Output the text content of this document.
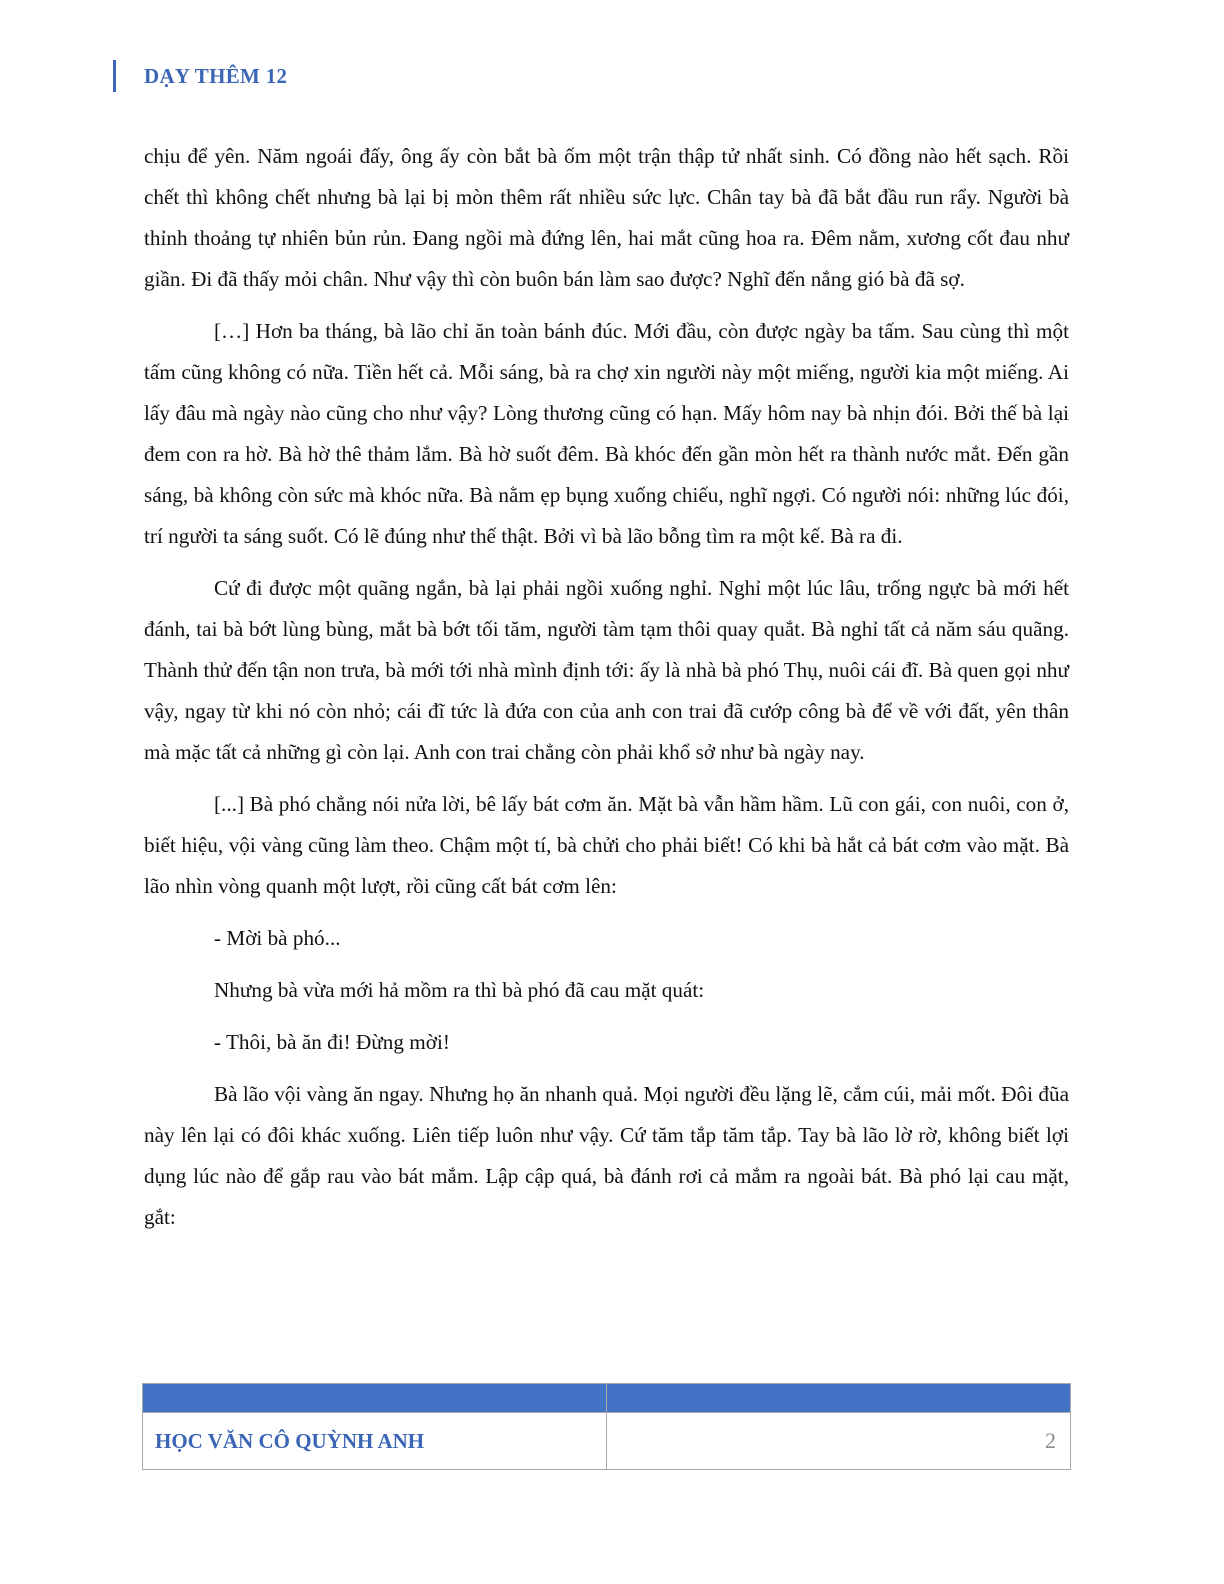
DẠY THÊM 12

chịu để yên. Năm ngoái đấy, ông ấy còn bắt bà ốm một trận thập tử nhất sinh. Có đồng nào hết sạch. Rồi chết thì không chết nhưng bà lại bị mòn thêm rất nhiều sức lực. Chân tay bà đã bắt đầu run rẩy. Người bà thỉnh thoảng tự nhiên bủn rủn. Đang ngồi mà đứng lên, hai mắt cũng hoa ra. Đêm nằm, xương cốt đau như giần. Đi đã thấy mỏi chân. Như vậy thì còn buôn bán làm sao được? Nghĩ đến nắng gió bà đã sợ.

[…] Hơn ba tháng, bà lão chỉ ăn toàn bánh đúc. Mới đầu, còn được ngày ba tấm. Sau cùng thì một tấm cũng không có nữa. Tiền hết cả. Mỗi sáng, bà ra chợ xin người này một miếng, người kia một miếng. Ai lấy đâu mà ngày nào cũng cho như vậy? Lòng thương cũng có hạn. Mấy hôm nay bà nhịn đói. Bởi thế bà lại đem con ra hờ. Bà hờ thê thảm lắm. Bà hờ suốt đêm. Bà khóc đến gần mòn hết ra thành nước mắt. Đến gần sáng, bà không còn sức mà khóc nữa. Bà nằm ẹp bụng xuống chiếu, nghĩ ngợi. Có người nói: những lúc đói, trí người ta sáng suốt. Có lẽ đúng như thế thật. Bởi vì bà lão bỗng tìm ra một kế. Bà ra đi.

Cứ đi được một quãng ngắn, bà lại phải ngồi xuống nghỉ. Nghỉ một lúc lâu, trống ngực bà mới hết đánh, tai bà bớt lùng bùng, mắt bà bớt tối tăm, người tàm tạm thôi quay quắt. Bà nghỉ tất cả năm sáu quãng. Thành thử đến tận non trưa, bà mới tới nhà mình định tới: ấy là nhà bà phó Thụ, nuôi cái đĩ. Bà quen gọi như vậy, ngay từ khi nó còn nhỏ; cái đĩ tức là đứa con của anh con trai đã cướp công bà để về với đất, yên thân mà mặc tất cả những gì còn lại. Anh con trai chẳng còn phải khổ sở như bà ngày nay.

[...] Bà phó chẳng nói nửa lời, bê lấy bát cơm ăn. Mặt bà vẫn hầm hầm. Lũ con gái, con nuôi, con ở, biết hiệu, vội vàng cũng làm theo. Chậm một tí, bà chửi cho phải biết! Có khi bà hắt cả bát cơm vào mặt. Bà lão nhìn vòng quanh một lượt, rồi cũng cất bát cơm lên:

- Mời bà phó...

Nhưng bà vừa mới hả mồm ra thì bà phó đã cau mặt quát:

- Thôi, bà ăn đi! Đừng mời!

Bà lão vội vàng ăn ngay. Nhưng họ ăn nhanh quả. Mọi người đều lặng lẽ, cắm cúi, mải mốt. Đôi đũa này lên lại có đôi khác xuống. Liên tiếp luôn như vậy. Cứ tăm tắp tăm tắp. Tay bà lão lờ rờ, không biết lợi dụng lúc nào để gắp rau vào bát mắm. Lập cập quá, bà đánh rơi cả mắm ra ngoài bát. Bà phó lại cau mặt, gắt:

HỌC VĂN CÔ QUỲNH ANH	2
